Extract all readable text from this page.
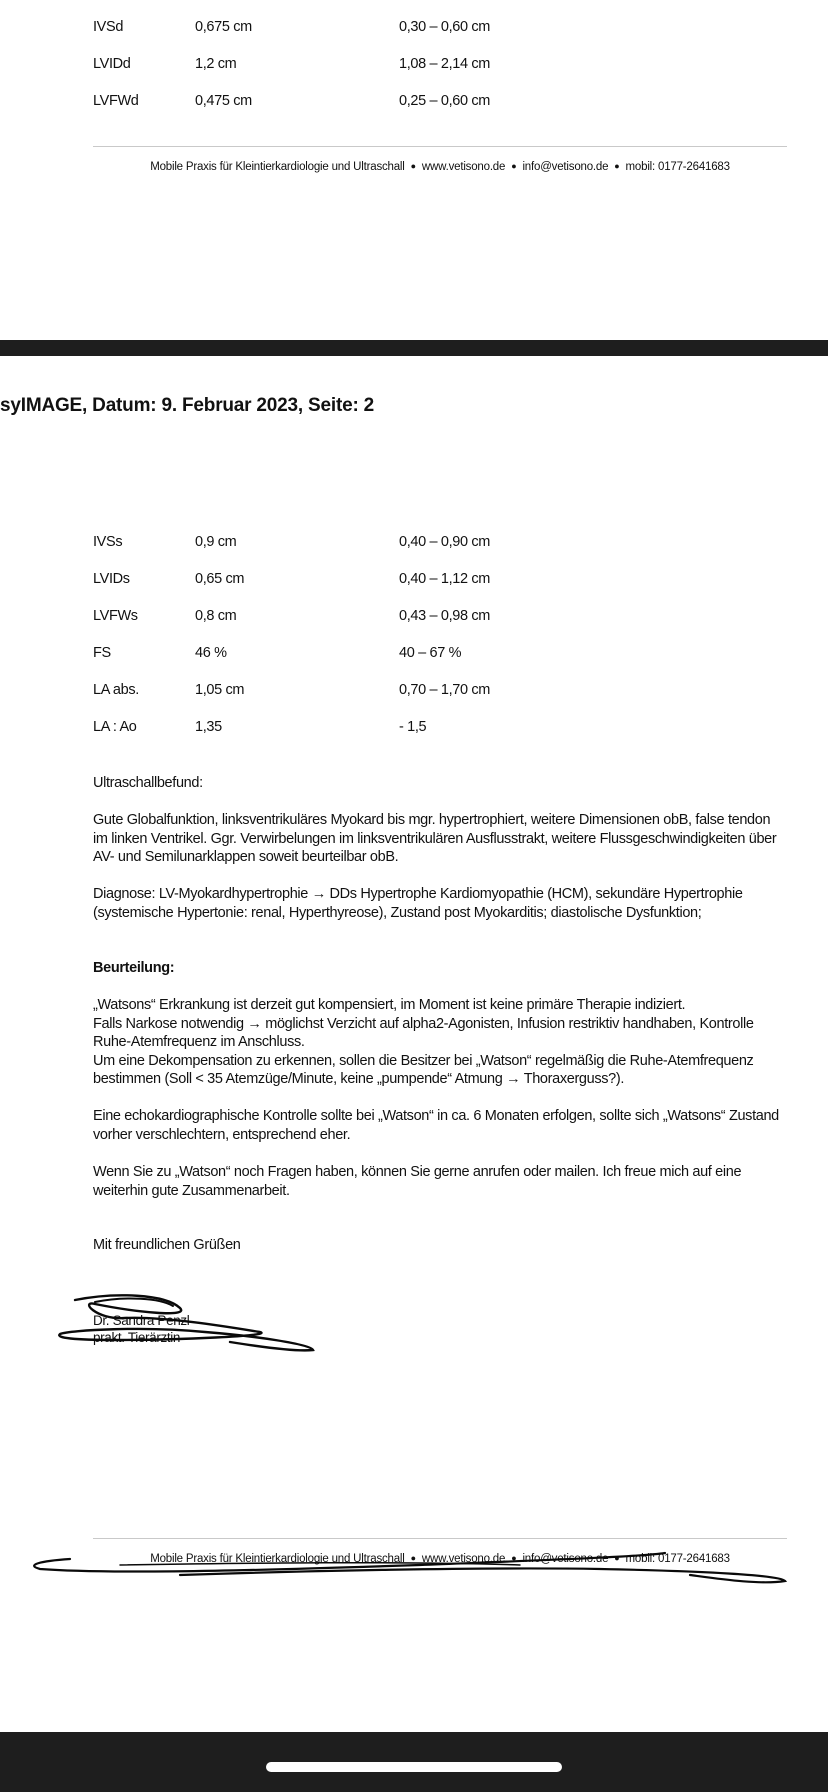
IVSd	0,675 cm	0,30 – 0,60 cm
LVIDd	1,2 cm	1,08 – 2,14 cm
LVFWd	0,475 cm	0,25 – 0,60 cm
Mobile Praxis für Kleintierkardiologie und Ultraschall ● www.vetisono.de ● info@vetisono.de ● mobil: 0177-2641683
syIMAGE, Datum: 9. Februar 2023, Seite: 2
IVSs	0,9 cm	0,40 – 0,90 cm
LVIDs	0,65 cm	0,40 – 1,12 cm
LVFWs	0,8 cm	0,43 – 0,98 cm
FS	46 %	40 – 67 %
LA abs.	1,05 cm	0,70 – 1,70 cm
LA : Ao	1,35	- 1,5
Ultraschallbefund:

Gute Globalfunktion, linksventrikuläres Myokard bis mgr. hypertrophiert, weitere Dimensionen obB, false tendon im linken Ventrikel. Ggr. Verwirbelungen im linksventrikulären Ausflusstrakt, weitere Flussgeschwindigkeiten über AV- und Semilunarklappen soweit beurteilbar obB.

Diagnose: LV-Myokardhypertrophie → DDs Hypertrophe Kardiomyopathie (HCM), sekundäre Hypertrophie (systemische Hypertonie: renal, Hyperthyreose), Zustand post Myokarditis; diastolische Dysfunktion;

Beurteilung:

„Watsons“ Erkrankung ist derzeit gut kompensiert, im Moment ist keine primäre Therapie indiziert.

Falls Narkose notwendig → möglichst Verzicht auf alpha2-Agonisten, Infusion restriktiv handhaben, Kontrolle Ruhe-Atemfrequenz im Anschluss.

Um eine Dekompensation zu erkennen, sollen die Besitzer bei „Watson“ regelmäßig die Ruhe-Atemfrequenz bestimmen (Soll < 35 Atemzüge/Minute, keine „pumpende“ Atmung → Thoraxerguss?).

Eine echokardiographische Kontrolle sollte bei „Watson“ in ca. 6 Monaten erfolgen, sollte sich „Watsons“ Zustand vorher verschlechtern, entsprechend eher.

Wenn Sie zu „Watson“ noch Fragen haben, können Sie gerne anrufen oder mailen. Ich freue mich auf eine weiterhin gute Zusammenarbeit.

Mit freundlichen Grüßen
Dr. Sandra Penzl
prakt. Tierärztin
Mobile Praxis für Kleintierkardiologie und Ultraschall ● www.vetisono.de ● info@vetisono.de ● mobil: 0177-2641683
